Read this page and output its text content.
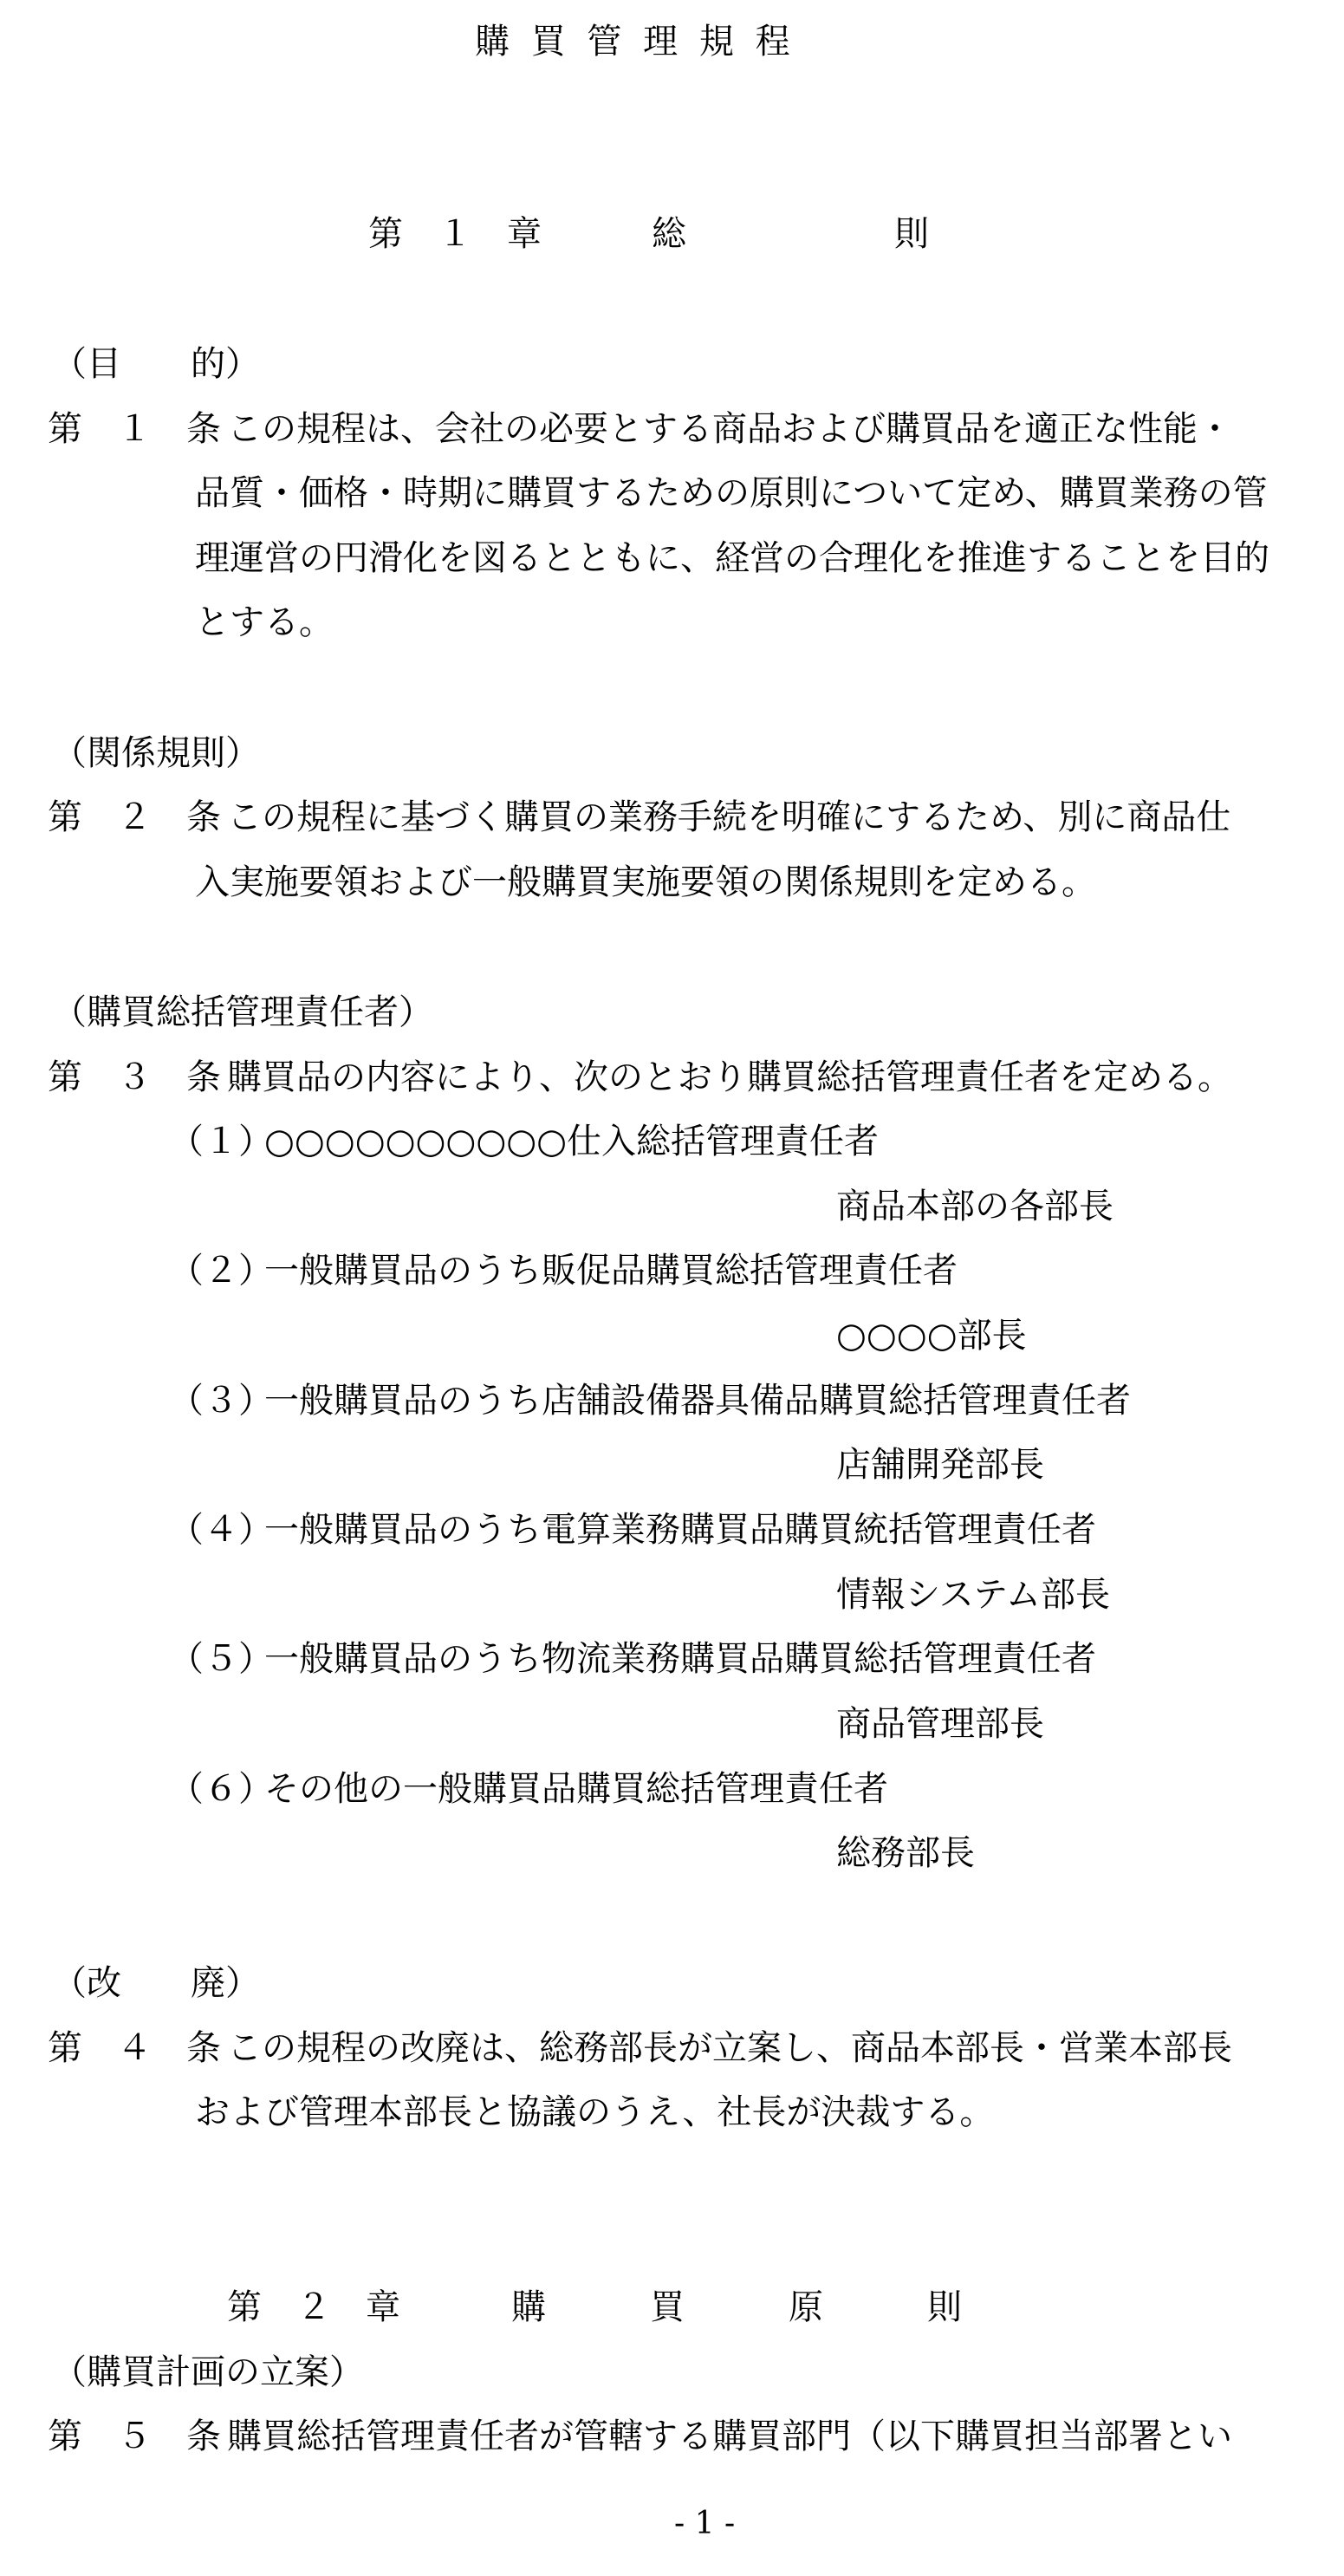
購 買 管 理 規 程
第　１　章	総　　　　　　則
（目　　的）
第　１　条 この規程は、会社の必要とする商品および購買品を適正な性能・
品質・価格・時期に購買するための原則について定め、購買業務の管
理運営の円滑化を図るとともに、経営の合理化を推進することを目的
とする。
（関係規則）
第　２　条 この規程に基づく購買の業務手続を明確にするため、別に商品仕
入実施要領および一般購買実施要領の関係規則を定める。
（購買総括管理責任者）
第　３　条 購買品の内容により、次のとおり購買総括管理責任者を定める。
（１）
○○○○○○○○○○仕入総括管理責任者
商品本部の各部長
（２）
一般購買品のうち販促品購買総括管理責任者
○○○○部長
（３）
一般購買品のうち店舗設備器具備品購買総括管理責任者
店舗開発部長
（４）
一般購買品のうち電算業務購買品購買統括管理責任者
情報システム部長
（５）
一般購買品のうち物流業務購買品購買総括管理責任者
商品管理部長
（６）
その他の一般購買品購買総括管理責任者
総務部長
（改　　廃）
第　４　条 この規程の改廃は、総務部長が立案し、商品本部長・営業本部長
および管理本部長と協議のうえ、社長が決裁する。
第　２　章	購　　　買　　　原　　　則
（購買計画の立案）
第　５　条 購買総括管理責任者が管轄する購買部門（以下購買担当部署とい
- 1 -
